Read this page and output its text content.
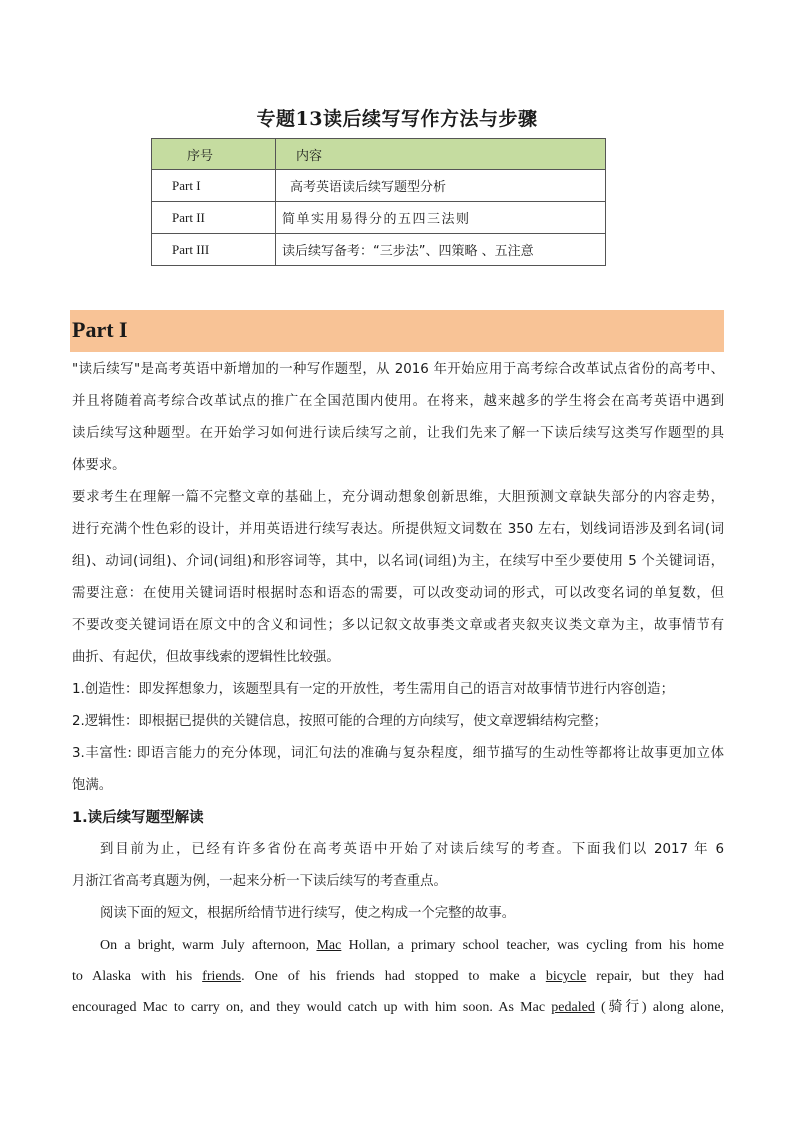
专题13读后续写写作方法与步骤
序号	内容
Part I	高考英语读后续写题型分析
Part II	简单实用易得分的五四三法则
Part III	读后续写备考：“三步法”、四策略 、五注意
Part I

"读后续写"是高考英语中新增加的一种写作题型，从 2016 年开始应用于高考综合改革试点省份的高考中、
并且将随着高考综合改革试点的推广在全国范围内使用。在将来，越来越多的学生将会在高考英语中遇到
读后续写这种题型。在开始学习如何进行读后续写之前，让我们先来了解一下读后续写这类写作题型的具
体要求。

要求考生在理解一篇不完整文章的基础上，充分调动想象创新思维，大胆预测文章缺失部分的内容走势，
进行充满个性色彩的设计，并用英语进行续写表达。所提供短文词数在 350 左右，划线词语涉及到名词(词
组)、动词(词组)、介词(词组)和形容词等，其中，以名词(词组)为主，在续写中至少要使用 5 个关键词语，
需要注意：在使用关键词语时根据时态和语态的需要，可以改变动词的形式，可以改变名词的单复数，但
不要改变关键词语在原文中的含义和词性；多以记叙文故事类文章或者夹叙夹议类文章为主，故事情节有
曲折、有起伏，但故事线索的逻辑性比较强。

1.创造性：即发挥想象力，该题型具有一定的开放性，考生需用自己的语言对故事情节进行内容创造；

2.逻辑性：即根据已提供的关键信息，按照可能的合理的方向续写，使文章逻辑结构完整；

3.丰富性: 即语言能力的充分体现，词汇句法的准确与复杂程度，细节描写的生动性等都将让故事更加立体
饱满。

1.读后续写题型解读

到目前为止，已经有许多省份在高考英语中开始了对读后续写的考查。下面我们以 2017 年 6

月浙江省高考真题为例，一起来分析一下读后续写的考查重点。

阅读下面的短文，根据所给情节进行续写，使之构成一个完整的故事。

On a bright, warm July afternoon, Mac Hollan, a primary school teacher, was cycling from his home
to Alaska with his friends. One of his friends had stopped to make a bicycle repair, but they had
encouraged Mac to carry on, and they would catch up with him soon. As Mac pedaled (骑行) along alone,
